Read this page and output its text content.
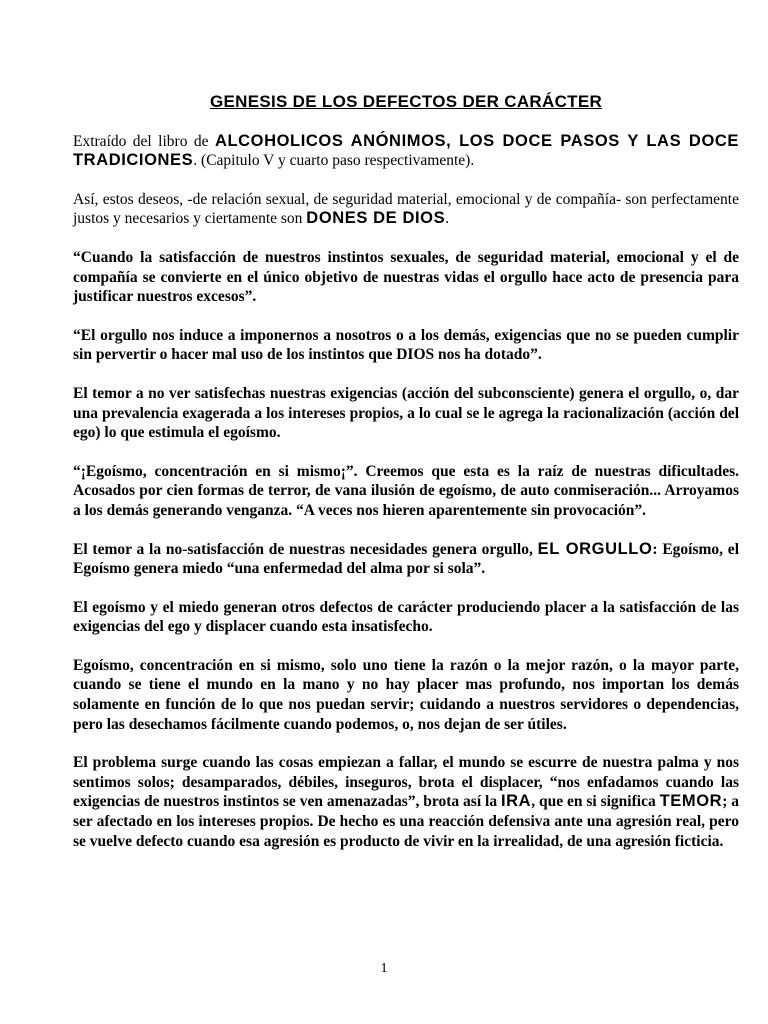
GENESIS DE LOS DEFECTOS DER CARÁCTER

Extraído del libro de ALCOHOLICOS ANÓNIMOS, LOS DOCE PASOS Y LAS DOCE TRADICIONES. (Capitulo V y cuarto paso respectivamente).

Así, estos deseos, -de relación sexual, de seguridad material, emocional y de compañía- son perfectamente justos y necesarios y ciertamente son DONES DE DIOS.

“Cuando la satisfacción de nuestros instintos sexuales, de seguridad material, emocional y el de compañía se convierte en el único objetivo de nuestras vidas el orgullo hace acto de presencia para justificar nuestros excesos”.

“El orgullo nos induce a imponernos a nosotros o a los demás, exigencias que no se pueden cumplir sin pervertir o hacer mal uso de los instintos que DIOS nos ha dotado”.

El temor a no ver satisfechas nuestras exigencias (acción del subconsciente) genera el orgullo, o, dar una prevalencia exagerada a los intereses propios, a lo cual se le agrega la racionalización (acción del ego) lo que estimula el egoísmo.

“¡Egoísmo, concentración en si mismo¡”. Creemos que esta es la raíz de nuestras dificultades. Acosados por cien formas de terror, de vana ilusión de egoísmo, de auto conmiseración... Arroyamos a los demás generando venganza. “A veces nos hieren aparentemente sin provocación”.

El temor a la no-satisfacción de nuestras necesidades genera orgullo, EL ORGULLO: Egoísmo, el Egoísmo genera miedo “una enfermedad del alma por si sola”.

El egoísmo y el miedo generan otros defectos de carácter produciendo placer a la satisfacción de las exigencias del ego y displacer cuando esta insatisfecho.

Egoísmo, concentración en si mismo, solo uno tiene la razón o la mejor razón, o la mayor parte, cuando se tiene el mundo en la mano y no hay placer mas profundo, nos importan los demás solamente en función de lo que nos puedan servir; cuidando a nuestros servidores o dependencias, pero las desechamos fácilmente cuando podemos, o, nos dejan de ser útiles.

El problema surge cuando las cosas empiezan a fallar, el mundo se escurre de nuestra palma y nos sentimos solos; desamparados, débiles, inseguros, brota el displacer, “nos enfadamos cuando las exigencias de nuestros instintos se ven amenazadas”, brota así la IRA, que en si significa TEMOR; a ser afectado en los intereses propios. De hecho es una reacción defensiva ante una agresión real, pero se vuelve defecto cuando esa agresión es producto de vivir en la irrealidad, de una agresión ficticia.

1
